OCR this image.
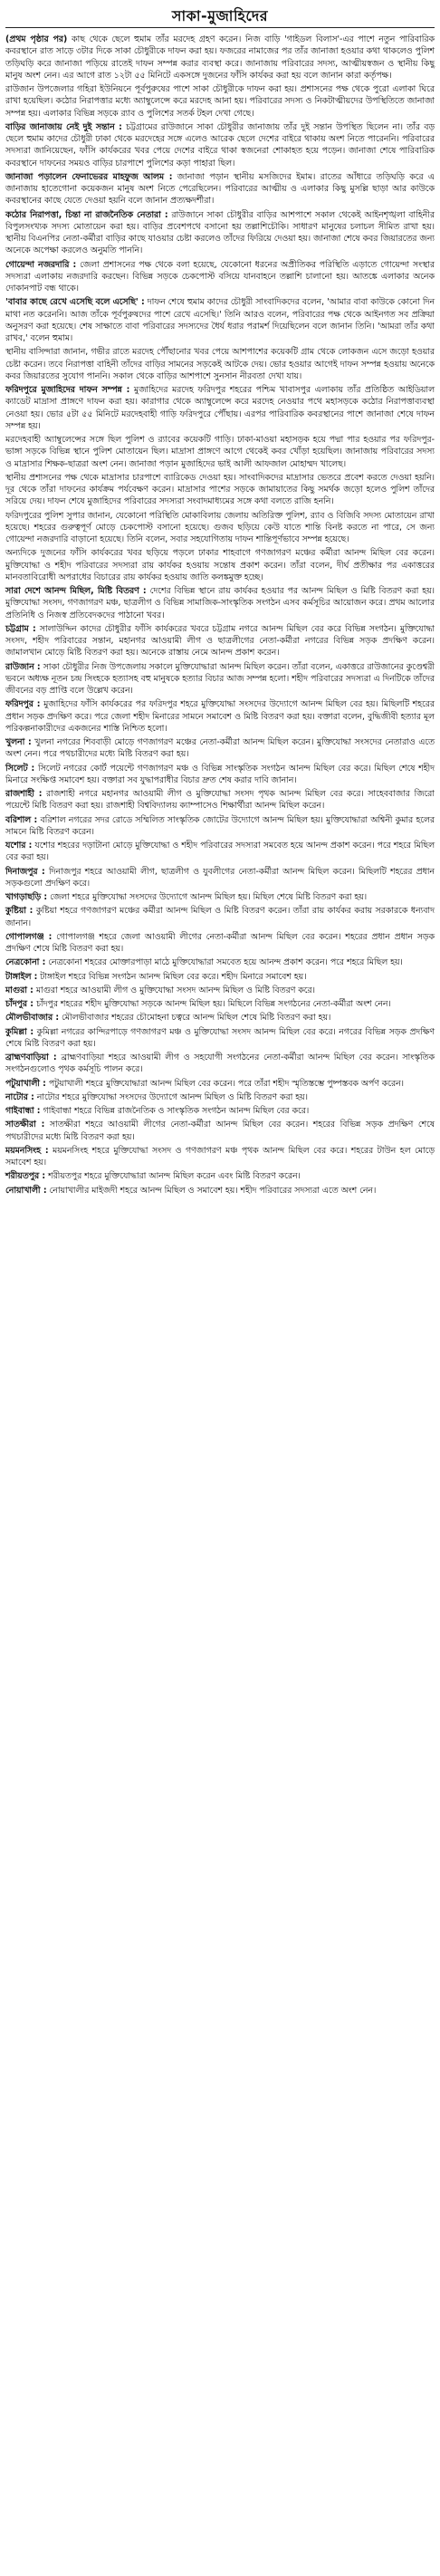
সাকা-মুজাহিদের

(প্রথম পৃষ্ঠার পর) কাছ থেকে ছেলে হুমাম তাঁর মরদেহ গ্রহণ করেন। নিজ বাড়ি 'গাইডল বিলাস'-এর পাশে নতুন পারিবারিক কবরস্থানে রাত সাড়ে ৩টার দিকে সাকা চৌধুরীকে দাফন করা হয়। ফজরের নামাজের পর তাঁর জানাজা হওয়ার কথা থাকলেও পুলিশ তড়িঘড়ি করে জানাজা পড়িয়ে রাতেই দাফন সম্পন্ন করার ব্যবস্থা করে। জানাজায় পরিবারের সদস্য, আত্মীয়স্বজন ও স্থানীয় কিছু মানুষ অংশ নেন। এর আগে রাত ১২টা ৫৫ মিনিটে একসঙ্গে দুজনের ফাঁসি কার্যকর করা হয় বলে জানান কারা কর্তৃপক্ষ।

রাউজান উপজেলার গহিরা ইউনিয়নে পূর্বপুরুষের পাশে সাকা চৌধুরীকে দাফন করা হয়। প্রশাসনের পক্ষ থেকে পুরো এলাকা ঘিরে রাখা হয়েছিল। কঠোর নিরাপত্তার মধ্যে অ্যাম্বুলেন্সে করে মরদেহ আনা হয়। পরিবারের সদস্য ও নিকটাত্মীয়দের উপস্থিতিতে জানাজা সম্পন্ন হয়। এলাকার বিভিন্ন সড়কে র‍্যাব ও পুলিশের সতর্ক টহল দেখা গেছে।

বাড়ির জানাজায় নেই দুই সন্তান : চট্টগ্রামের রাউজানে সাকা চৌধুরীর জানাজায় তাঁর দুই সন্তান উপস্থিত ছিলেন না। তাঁর বড় ছেলে হুমাম কাদের চৌধুরী ঢাকা থেকে মরদেহের সঙ্গে এলেও আরেক ছেলে দেশের বাইরে থাকায় অংশ নিতে পারেননি। পরিবারের সদস্যরা জানিয়েছেন, ফাঁসি কার্যকরের খবর পেয়ে দেশের বাইরে থাকা স্বজনেরা শোকাহত হয়ে পড়েন। জানাজা শেষে পারিবারিক কবরস্থানে দাফনের সময়ও বাড়ির চারপাশে পুলিশের কড়া পাহারা ছিল।

জানাজা পড়ালেন ফেনাভেরর মাহফুজ আলম : জানাজা পড়ান স্থানীয় মসজিদের ইমাম। রাতের আঁধারে তড়িঘড়ি করে এ জানাজায় হাতেগোনা কয়েকজন মানুষ অংশ নিতে পেরেছিলেন। পরিবারের আত্মীয় ও এলাকার কিছু মুসল্লি ছাড়া আর কাউকে কবরস্থানের কাছে যেতে দেওয়া হয়নি বলে জানান প্রত্যক্ষদর্শীরা।

কঠোর নিরাপত্তা, চিন্তা না রাজনৈতিক নেতারা : রাউজানে সাকা চৌধুরীর বাড়ির আশপাশে সকাল থেকেই আইনশৃঙ্খলা বাহিনীর বিপুলসংখ্যক সদস্য মোতায়েন করা হয়। বাড়ির প্রবেশপথে বসানো হয় তল্লাশিচৌকি। সাধারণ মানুষের চলাচল সীমিত রাখা হয়। স্থানীয় বিএনপির নেতা-কর্মীরা বাড়ির কাছে যাওয়ার চেষ্টা করলেও তাঁদের ফিরিয়ে দেওয়া হয়। জানাজা শেষে কবর জিয়ারতের জন্য অনেকে অপেক্ষা করলেও অনুমতি পাননি।

গোয়েন্দা নজরদারি : জেলা প্রশাসনের পক্ষ থেকে বলা হয়েছে, যেকোনো ধরনের অপ্রীতিকর পরিস্থিতি এড়াতে গোয়েন্দা সংস্থার সদস্যরা এলাকায় নজরদারি করছেন। বিভিন্ন সড়কে চেকপোস্ট বসিয়ে যানবাহনে তল্লাশি চালানো হয়। আতঙ্কে এলাকার অনেক দোকানপাট বন্ধ থাকে।

'বাবার কাছে রেখে এসেছি বলে এসেছি' : দাফন শেষে হুমাম কাদের চৌধুরী সাংবাদিকদের বলেন, 'আমার বাবা কাউকে কোনো দিন মাথা নত করেননি। আজ তাঁকে পূর্বপুরুষদের পাশে রেখে এসেছি।' তিনি আরও বলেন, পরিবারের পক্ষ থেকে আইনগত সব প্রক্রিয়া অনুসরণ করা হয়েছে। শেষ সাক্ষাতে বাবা পরিবারের সদস্যদের ধৈর্য ধরার পরামর্শ দিয়েছিলেন বলে জানান তিনি। 'আমরা তাঁর কথা রাখব,' বলেন হুমাম।

স্থানীয় বাসিন্দারা জানান, গভীর রাতে মরদেহ পৌঁছানোর খবর পেয়ে আশপাশের কয়েকটি গ্রাম থেকে লোকজন এসে জড়ো হওয়ার চেষ্টা করেন। তবে নিরাপত্তা বাহিনী তাঁদের বাড়ির সামনের সড়কেই আটকে দেয়। ভোর হওয়ার আগেই দাফন সম্পন্ন হওয়ায় অনেকে কবর জিয়ারতের সুযোগ পাননি। সকাল থেকে বাড়ির আশপাশে সুনসান নীরবতা দেখা যায়।

ফরিদপুরে মুজাহিদের দাফন সম্পন্ন : মুজাহিদের মরদেহ ফরিদপুর শহরের পশ্চিম খাবাসপুর এলাকায় তাঁর প্রতিষ্ঠিত আইডিয়াল ক্যাডেট মাদ্রাসা প্রাঙ্গণে দাফন করা হয়। কারাগার থেকে অ্যাম্বুলেন্সে করে মরদেহ নেওয়ার পথে মহাসড়কে কঠোর নিরাপত্তাব্যবস্থা নেওয়া হয়। ভোর ৫টা ৫৫ মিনিটে মরদেহবাহী গাড়ি ফরিদপুরে পৌঁছায়। এরপর পারিবারিক কবরস্থানের পাশে জানাজা শেষে দাফন সম্পন্ন হয়।

মরদেহবাহী অ্যাম্বুলেন্সের সঙ্গে ছিল পুলিশ ও র‍্যাবের কয়েকটি গাড়ি। ঢাকা-মাওয়া মহাসড়ক হয়ে পদ্মা পার হওয়ার পর ফরিদপুর-ভাঙ্গা সড়কে বিভিন্ন স্থানে পুলিশ মোতায়েন ছিল। মাদ্রাসা প্রাঙ্গণে আগে থেকেই কবর খোঁড়া হয়েছিল। জানাজায় পরিবারের সদস্য ও মাদ্রাসার শিক্ষক-ছাত্ররা অংশ নেন। জানাজা পড়ান মুজাহিদের ভাই আলী আফজাল মোহাম্মদ খালেছ।

স্থানীয় প্রশাসনের পক্ষ থেকে মাদ্রাসার চারপাশে ব্যারিকেড দেওয়া হয়। সাংবাদিকদের মাদ্রাসার ভেতরে প্রবেশ করতে দেওয়া হয়নি। দূর থেকে তাঁরা দাফনের কার্যক্রম পর্যবেক্ষণ করেন। মাদ্রাসার পাশের সড়কে জামায়াতের কিছু সমর্থক জড়ো হলেও পুলিশ তাঁদের সরিয়ে দেয়। দাফন শেষে মুজাহিদের পরিবারের সদস্যরা সংবাদমাধ্যমের সঙ্গে কথা বলতে রাজি হননি।

ফরিদপুরের পুলিশ সুপার জানান, যেকোনো পরিস্থিতি মোকাবিলায় জেলায় অতিরিক্ত পুলিশ, র‍্যাব ও বিজিবি সদস্য মোতায়েন রাখা হয়েছে। শহরের গুরুত্বপূর্ণ মোড়ে চেকপোস্ট বসানো হয়েছে। গুজব ছড়িয়ে কেউ যাতে শান্তি বিনষ্ট করতে না পারে, সে জন্য গোয়েন্দা নজরদারি বাড়ানো হয়েছে। তিনি বলেন, সবার সহযোগিতায় দাফন শান্তিপূর্ণভাবে সম্পন্ন হয়েছে।

অন্যদিকে দুজনের ফাঁসি কার্যকরের খবর ছড়িয়ে পড়লে ঢাকার শাহবাগে গণজাগরণ মঞ্চের কর্মীরা আনন্দ মিছিল বের করেন। মুক্তিযোদ্ধা ও শহীদ পরিবারের সদস্যরা রায় কার্যকর হওয়ায় সন্তোষ প্রকাশ করেন। তাঁরা বলেন, দীর্ঘ প্রতীক্ষার পর একাত্তরের মানবতাবিরোধী অপরাধের বিচারের রায় কার্যকর হওয়ায় জাতি কলঙ্কমুক্ত হচ্ছে।

সারা দেশে আনন্দ মিছিল, মিষ্টি বিতরণ : দেশের বিভিন্ন স্থানে রায় কার্যকর হওয়ার পর আনন্দ মিছিল ও মিষ্টি বিতরণ করা হয়। মুক্তিযোদ্ধা সংসদ, গণজাগরণ মঞ্চ, ছাত্রলীগ ও বিভিন্ন সামাজিক-সাংস্কৃতিক সংগঠন এসব কর্মসূচির আয়োজন করে। প্রথম আলোর প্রতিনিধি ও নিজস্ব প্রতিবেদকদের পাঠানো খবর।

চট্টগ্রাম : সালাউদ্দিন কাদের চৌধুরীর ফাঁসি কার্যকরের খবরে চট্টগ্রাম নগরে আনন্দ মিছিল বের করে বিভিন্ন সংগঠন। মুক্তিযোদ্ধা সংসদ, শহীদ পরিবারের সন্তান, মহানগর আওয়ামী লীগ ও ছাত্রলীগের নেতা-কর্মীরা নগরের বিভিন্ন সড়ক প্রদক্ষিণ করেন। জামালখান মোড়ে মিষ্টি বিতরণ করা হয়। অনেকে রাস্তায় নেমে আনন্দ প্রকাশ করেন।

রাউজান : সাকা চৌধুরীর নিজ উপজেলায় সকালে মুক্তিযোদ্ধারা আনন্দ মিছিল করেন। তাঁরা বলেন, একাত্তরে রাউজানের কুণ্ডেশ্বরী ভবনে অধ্যক্ষ নূতন চন্দ্র সিংহকে হত্যাসহ বহু মানুষকে হত্যার বিচার আজ সম্পন্ন হলো। শহীদ পরিবারের সদস্যরা এ দিনটিকে তাঁদের জীবনের বড় প্রাপ্তি বলে উল্লেখ করেন।

ফরিদপুর : মুজাহিদের ফাঁসি কার্যকরের পর ফরিদপুর শহরে মুক্তিযোদ্ধা সংসদের উদ্যোগে আনন্দ মিছিল বের হয়। মিছিলটি শহরের প্রধান সড়ক প্রদক্ষিণ করে। পরে জেলা শহীদ মিনারের সামনে সমাবেশ ও মিষ্টি বিতরণ করা হয়। বক্তারা বলেন, বুদ্ধিজীবী হত্যার মূল পরিকল্পনাকারীদের একজনের শাস্তি নিশ্চিত হলো।

খুলনা : খুলনা নগরের শিববাড়ী মোড়ে গণজাগরণ মঞ্চের নেতা-কর্মীরা আনন্দ মিছিল করেন। মুক্তিযোদ্ধা সংসদের নেতারাও এতে অংশ নেন। পরে পথচারীদের মধ্যে মিষ্টি বিতরণ করা হয়।

সিলেট : সিলেট নগরের কোর্ট পয়েন্টে গণজাগরণ মঞ্চ ও বিভিন্ন সাংস্কৃতিক সংগঠন আনন্দ মিছিল বের করে। মিছিল শেষে শহীদ মিনারে সংক্ষিপ্ত সমাবেশ হয়। বক্তারা সব যুদ্ধাপরাধীর বিচার দ্রুত শেষ করার দাবি জানান।

রাজশাহী : রাজশাহী নগরে মহানগর আওয়ামী লীগ ও মুক্তিযোদ্ধা সংসদ পৃথক আনন্দ মিছিল বের করে। সাহেববাজার জিরো পয়েন্টে মিষ্টি বিতরণ করা হয়। রাজশাহী বিশ্ববিদ্যালয় ক্যাম্পাসেও শিক্ষার্থীরা আনন্দ মিছিল করেন।

বরিশাল : বরিশাল নগরের সদর রোডে সম্মিলিত সাংস্কৃতিক জোটের উদ্যোগে আনন্দ মিছিল হয়। মুক্তিযোদ্ধারা অশ্বিনী কুমার হলের সামনে মিষ্টি বিতরণ করেন।

যশোর : যশোর শহরের দড়াটানা মোড়ে মুক্তিযোদ্ধা ও শহীদ পরিবারের সদস্যরা সমবেত হয়ে আনন্দ প্রকাশ করেন। পরে শহরে মিছিল বের করা হয়।

দিনাজপুর : দিনাজপুর শহরে আওয়ামী লীগ, ছাত্রলীগ ও যুবলীগের নেতা-কর্মীরা আনন্দ মিছিল করেন। মিছিলটি শহরের প্রধান সড়কগুলো প্রদক্ষিণ করে।

খাগড়াছড়ি : জেলা শহরে মুক্তিযোদ্ধা সংসদের উদ্যোগে আনন্দ মিছিল হয়। মিছিল শেষে মিষ্টি বিতরণ করা হয়।

কুষ্টিয়া : কুষ্টিয়া শহরে গণজাগরণ মঞ্চের কর্মীরা আনন্দ মিছিল ও মিষ্টি বিতরণ করেন। তাঁরা রায় কার্যকর করায় সরকারকে ধন্যবাদ জানান।

গোপালগঞ্জ : গোপালগঞ্জ শহরে জেলা আওয়ামী লীগের নেতা-কর্মীরা আনন্দ মিছিল বের করেন। শহরের প্রধান প্রধান সড়ক প্রদক্ষিণ শেষে মিষ্টি বিতরণ করা হয়।

নেত্রকোনা : নেত্রকোনা শহরের মোক্তারপাড়া মাঠে মুক্তিযোদ্ধারা সমবেত হয়ে আনন্দ প্রকাশ করেন। পরে শহরে মিছিল হয়।

টাঙ্গাইল : টাঙ্গাইল শহরে বিভিন্ন সংগঠন আনন্দ মিছিল বের করে। শহীদ মিনারে সমাবেশ হয়।

মাগুরা : মাগুরা শহরে আওয়ামী লীগ ও মুক্তিযোদ্ধা সংসদ আনন্দ মিছিল ও মিষ্টি বিতরণ করে।

চাঁদপুর : চাঁদপুর শহরের শহীদ মুক্তিযোদ্ধা সড়কে আনন্দ মিছিল হয়। মিছিলে বিভিন্ন সংগঠনের নেতা-কর্মীরা অংশ নেন।

মৌলভীবাজার : মৌলভীবাজার শহরের চৌমোহনা চত্বরে আনন্দ মিছিল শেষে মিষ্টি বিতরণ করা হয়।

কুমিল্লা : কুমিল্লা নগরের কান্দিরপাড়ে গণজাগরণ মঞ্চ ও মুক্তিযোদ্ধা সংসদ আনন্দ মিছিল বের করে। নগরের বিভিন্ন সড়ক প্রদক্ষিণ শেষে মিষ্টি বিতরণ করা হয়।

ব্রাহ্মণবাড়িয়া : ব্রাহ্মণবাড়িয়া শহরে আওয়ামী লীগ ও সহযোগী সংগঠনের নেতা-কর্মীরা আনন্দ মিছিল বের করেন। সাংস্কৃতিক সংগঠনগুলোও পৃথক কর্মসূচি পালন করে।

পটুয়াখালী : পটুয়াখালী শহরে মুক্তিযোদ্ধারা আনন্দ মিছিল বের করেন। পরে তাঁরা শহীদ স্মৃতিস্তম্ভে পুষ্পস্তবক অর্পণ করেন।

নাটোর : নাটোর শহরে মুক্তিযোদ্ধা সংসদের উদ্যোগে আনন্দ মিছিল ও মিষ্টি বিতরণ করা হয়।

গাইবান্ধা : গাইবান্ধা শহরে বিভিন্ন রাজনৈতিক ও সাংস্কৃতিক সংগঠন আনন্দ মিছিল বের করে।

সাতক্ষীরা : সাতক্ষীরা শহরে আওয়ামী লীগের নেতা-কর্মীরা আনন্দ মিছিল বের করেন। শহরের বিভিন্ন সড়ক প্রদক্ষিণ শেষে পথচারীদের মধ্যে মিষ্টি বিতরণ করা হয়।

ময়মনসিংহ : ময়মনসিংহ শহরে মুক্তিযোদ্ধা সংসদ ও গণজাগরণ মঞ্চ পৃথক আনন্দ মিছিল বের করে। শহরের টাউন হল মোড়ে সমাবেশ হয়।

শরীয়তপুর : শরীয়তপুর শহরে মুক্তিযোদ্ধারা আনন্দ মিছিল করেন এবং মিষ্টি বিতরণ করেন।

নোয়াখালী : নোয়াখালীর মাইজদী শহরে আনন্দ মিছিল ও সমাবেশ হয়। শহীদ পরিবারের সদস্যরা এতে অংশ নেন।
